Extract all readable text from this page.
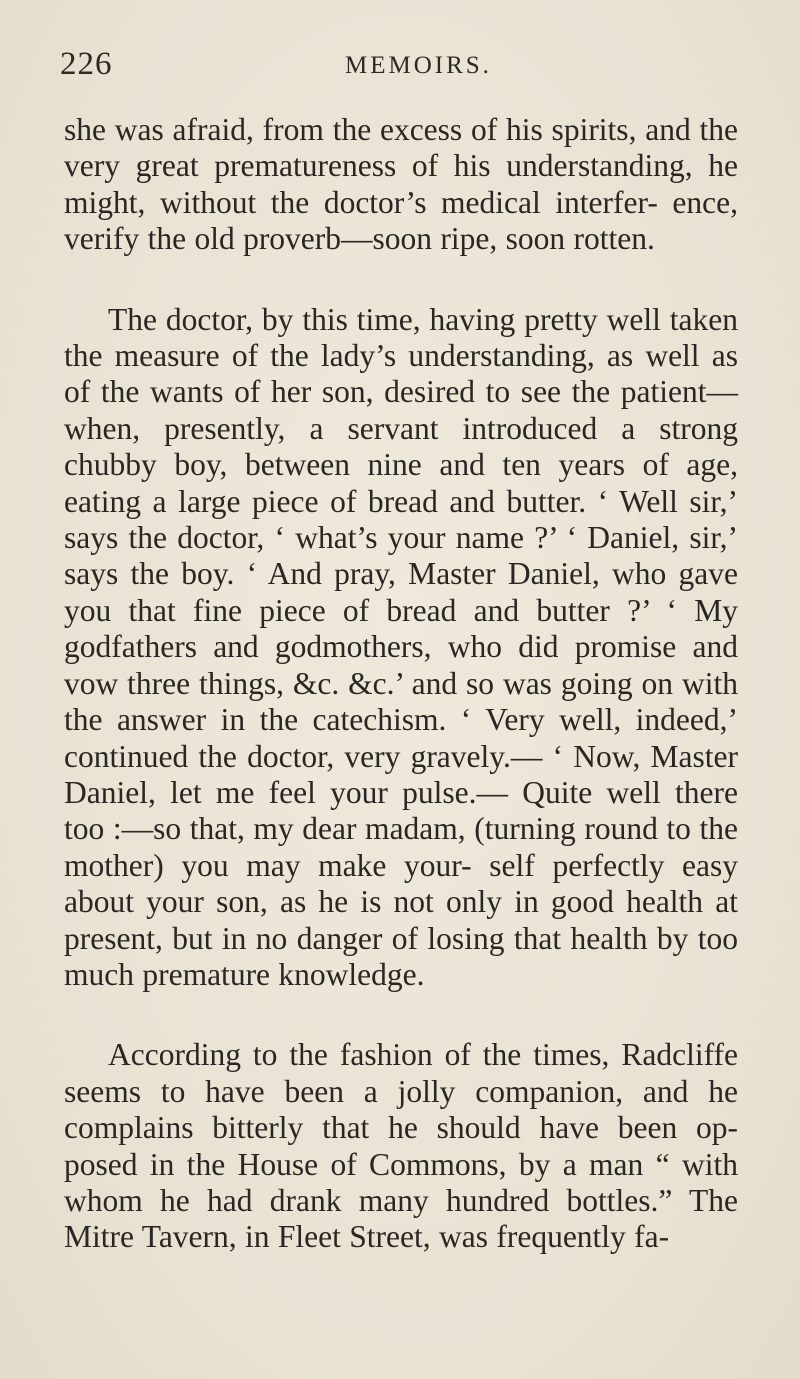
226	MEMOIRS.

she was afraid, from the excess of his spirits, and the very great prematureness of his understanding, he might, without the doctor’s medical interfer- ence, verify the old proverb—soon ripe, soon rotten.

The doctor, by this time, having pretty well taken the measure of the lady’s understanding, as well as of the wants of her son, desired to see the patient—when, presently, a servant introduced a strong chubby boy, between nine and ten years of age, eating a large piece of bread and butter. ‘ Well sir,’ says the doctor, ‘ what’s your name ?’ ‘ Daniel, sir,’ says the boy. ‘ And pray, Master Daniel, who gave you that fine piece of bread and butter ?’ ‘ My godfathers and godmothers, who did promise and vow three things, &c. &c.’ and so was going on with the answer in the catechism. ‘ Very well, indeed,’ continued the doctor, very gravely.— ‘ Now, Master Daniel, let me feel your pulse.— Quite well there too :—so that, my dear madam, (turning round to the mother) you may make your- self perfectly easy about your son, as he is not only in good health at present, but in no danger of losing that health by too much premature knowledge.

According to the fashion of the times, Radcliffe seems to have been a jolly companion, and he complains bitterly that he should have been op- posed in the House of Commons, by a man “ with whom he had drank many hundred bottles.” The Mitre Tavern, in Fleet Street, was frequently fa-
